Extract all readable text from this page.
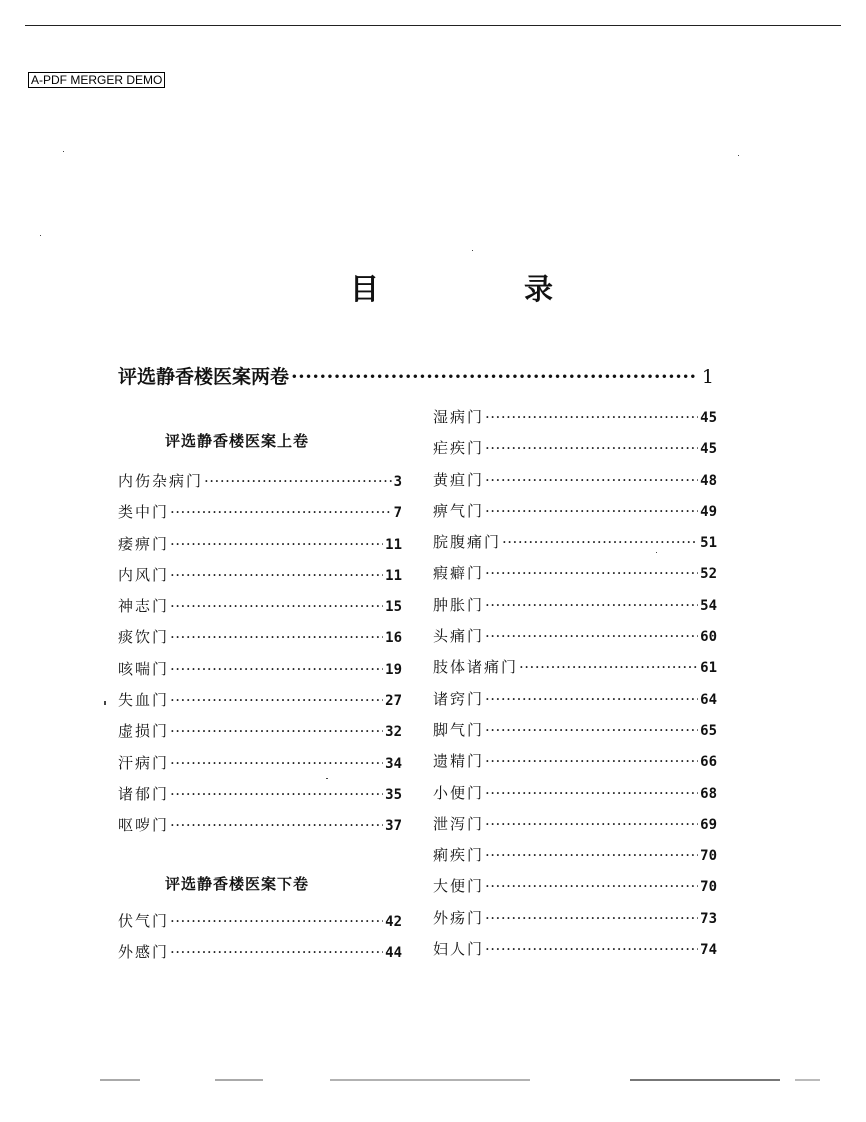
A-PDF MERGER DEMO
目　录
评选静香楼医案两卷 ·····	1
评选静香楼医案上卷
内伤杂病门 ·····	3
类中门 ·····	7
痿痹门 ·····	11
内风门 ·····	11
神志门 ·····	15
痰饮门 ·····	16
咳喘门 ·····	19
失血门 ·····	27
虚损门 ·····	32
汗病门 ·····	34
诸郁门 ·····	35
呕哕门 ·····	37
评选静香楼医案下卷
伏气门 ·····	42
外感门 ·····	44
湿病门 ·····	45
疟疾门 ·····	45
黄疸门 ·····	48
痹气门 ·····	49
脘腹痛门 ·····	51
瘕癖门 ·····	52
肿胀门 ·····	54
头痛门 ·····	60
肢体诸痛门 ·····	61
诸窍门 ·····	64
脚气门 ·····	65
遗精门 ·····	66
小便门 ·····	68
泄泻门 ·····	69
痢疾门 ·····	70
大便门 ·····	70
外疡门 ·····	73
妇人门 ·····	74
